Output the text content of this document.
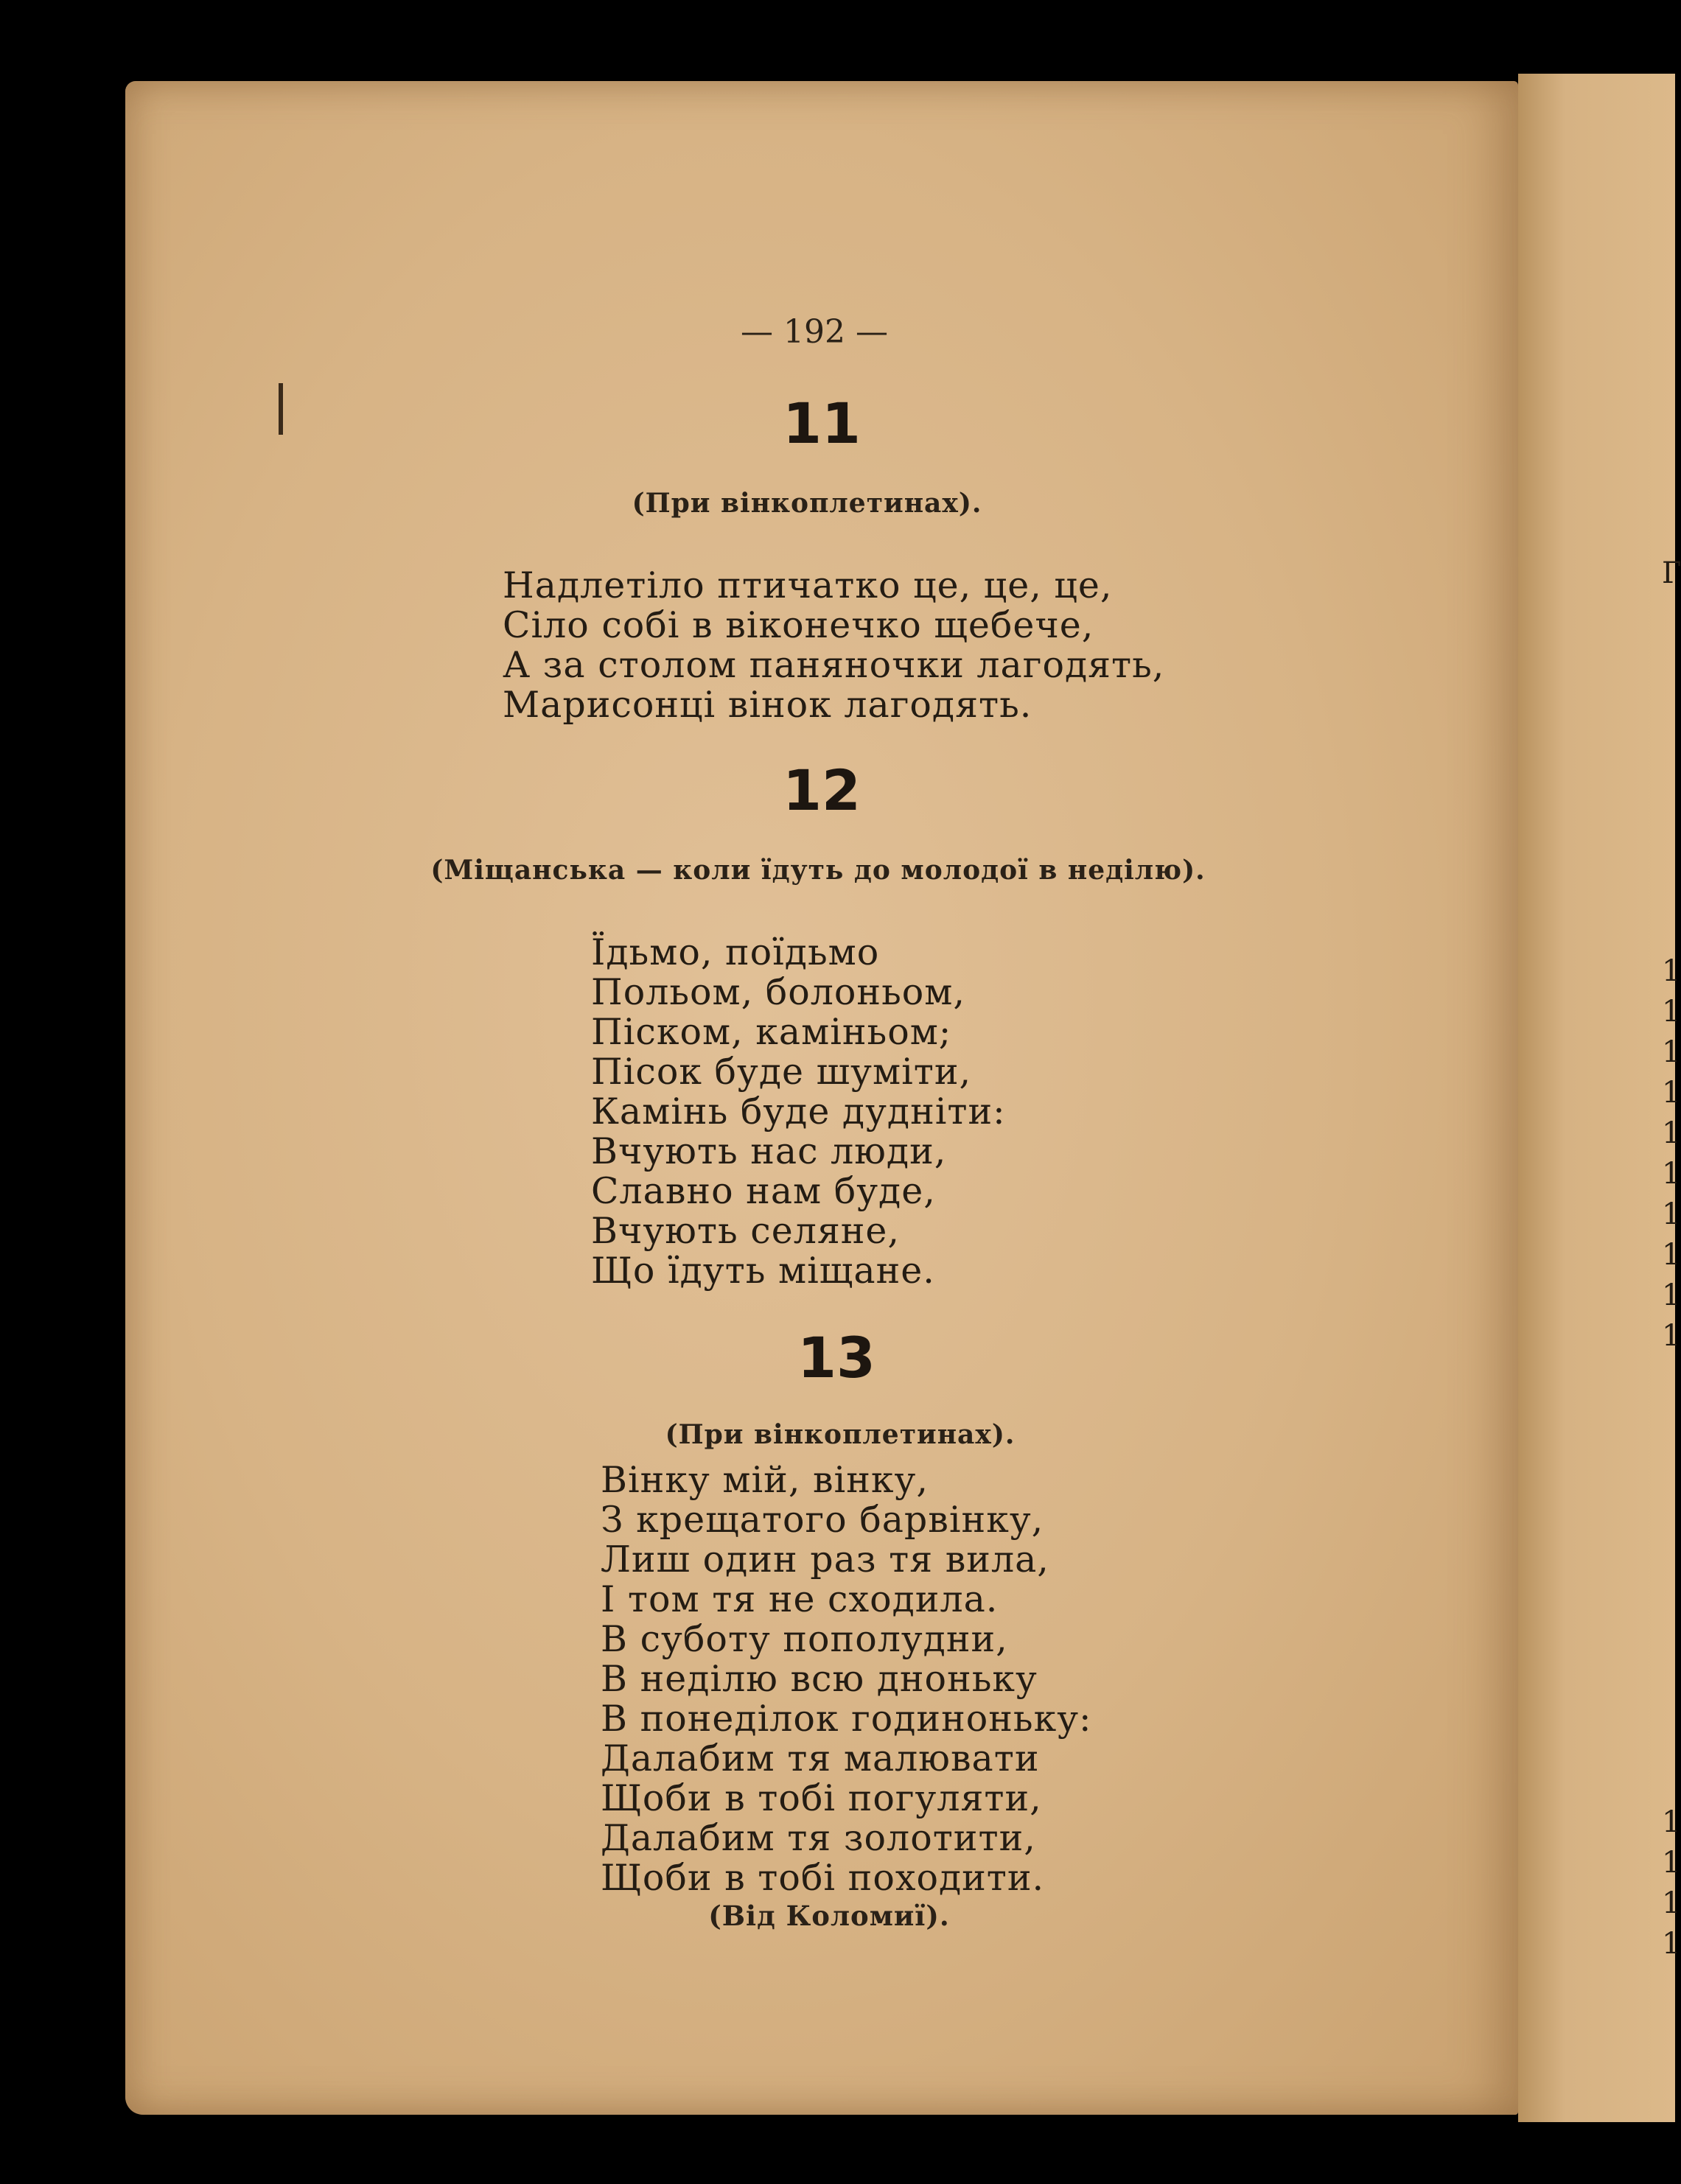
— 192 —
11
(При вінкоплетинах).
Надлетіло птичатко це, це, це,
Сіло собі в віконечко щебече,
А за столом паняночки лагодять,
Марисонці вінок лагодять.
12
(Міщанська — коли їдуть до молодої в неділю).
Їдьмо, поїдьмо
Польом, болоньом,
Піском, каміньом;
Пісок буде шуміти,
Камінь буде дудніти:
Вчують нас люди,
Славно нам буде,
Вчують селяне,
Що їдуть міщане.
13
(При вінкоплетинах).
Вінку мій, вінку,
З крещатого барвінку,
Лиш один раз тя вила,
І том тя не сходила.
В суботу пополудни,
В неділю всю дноньку
В понеділок годиноньку:
Далабим тя малювати
Щоби в тобі погуляти,
Далабим тя золотити,
Щоби в тобі походити.
(Від Коломиї).
Г
1
1
1
1
1
1
1
1
1
1
1
1
1
1
